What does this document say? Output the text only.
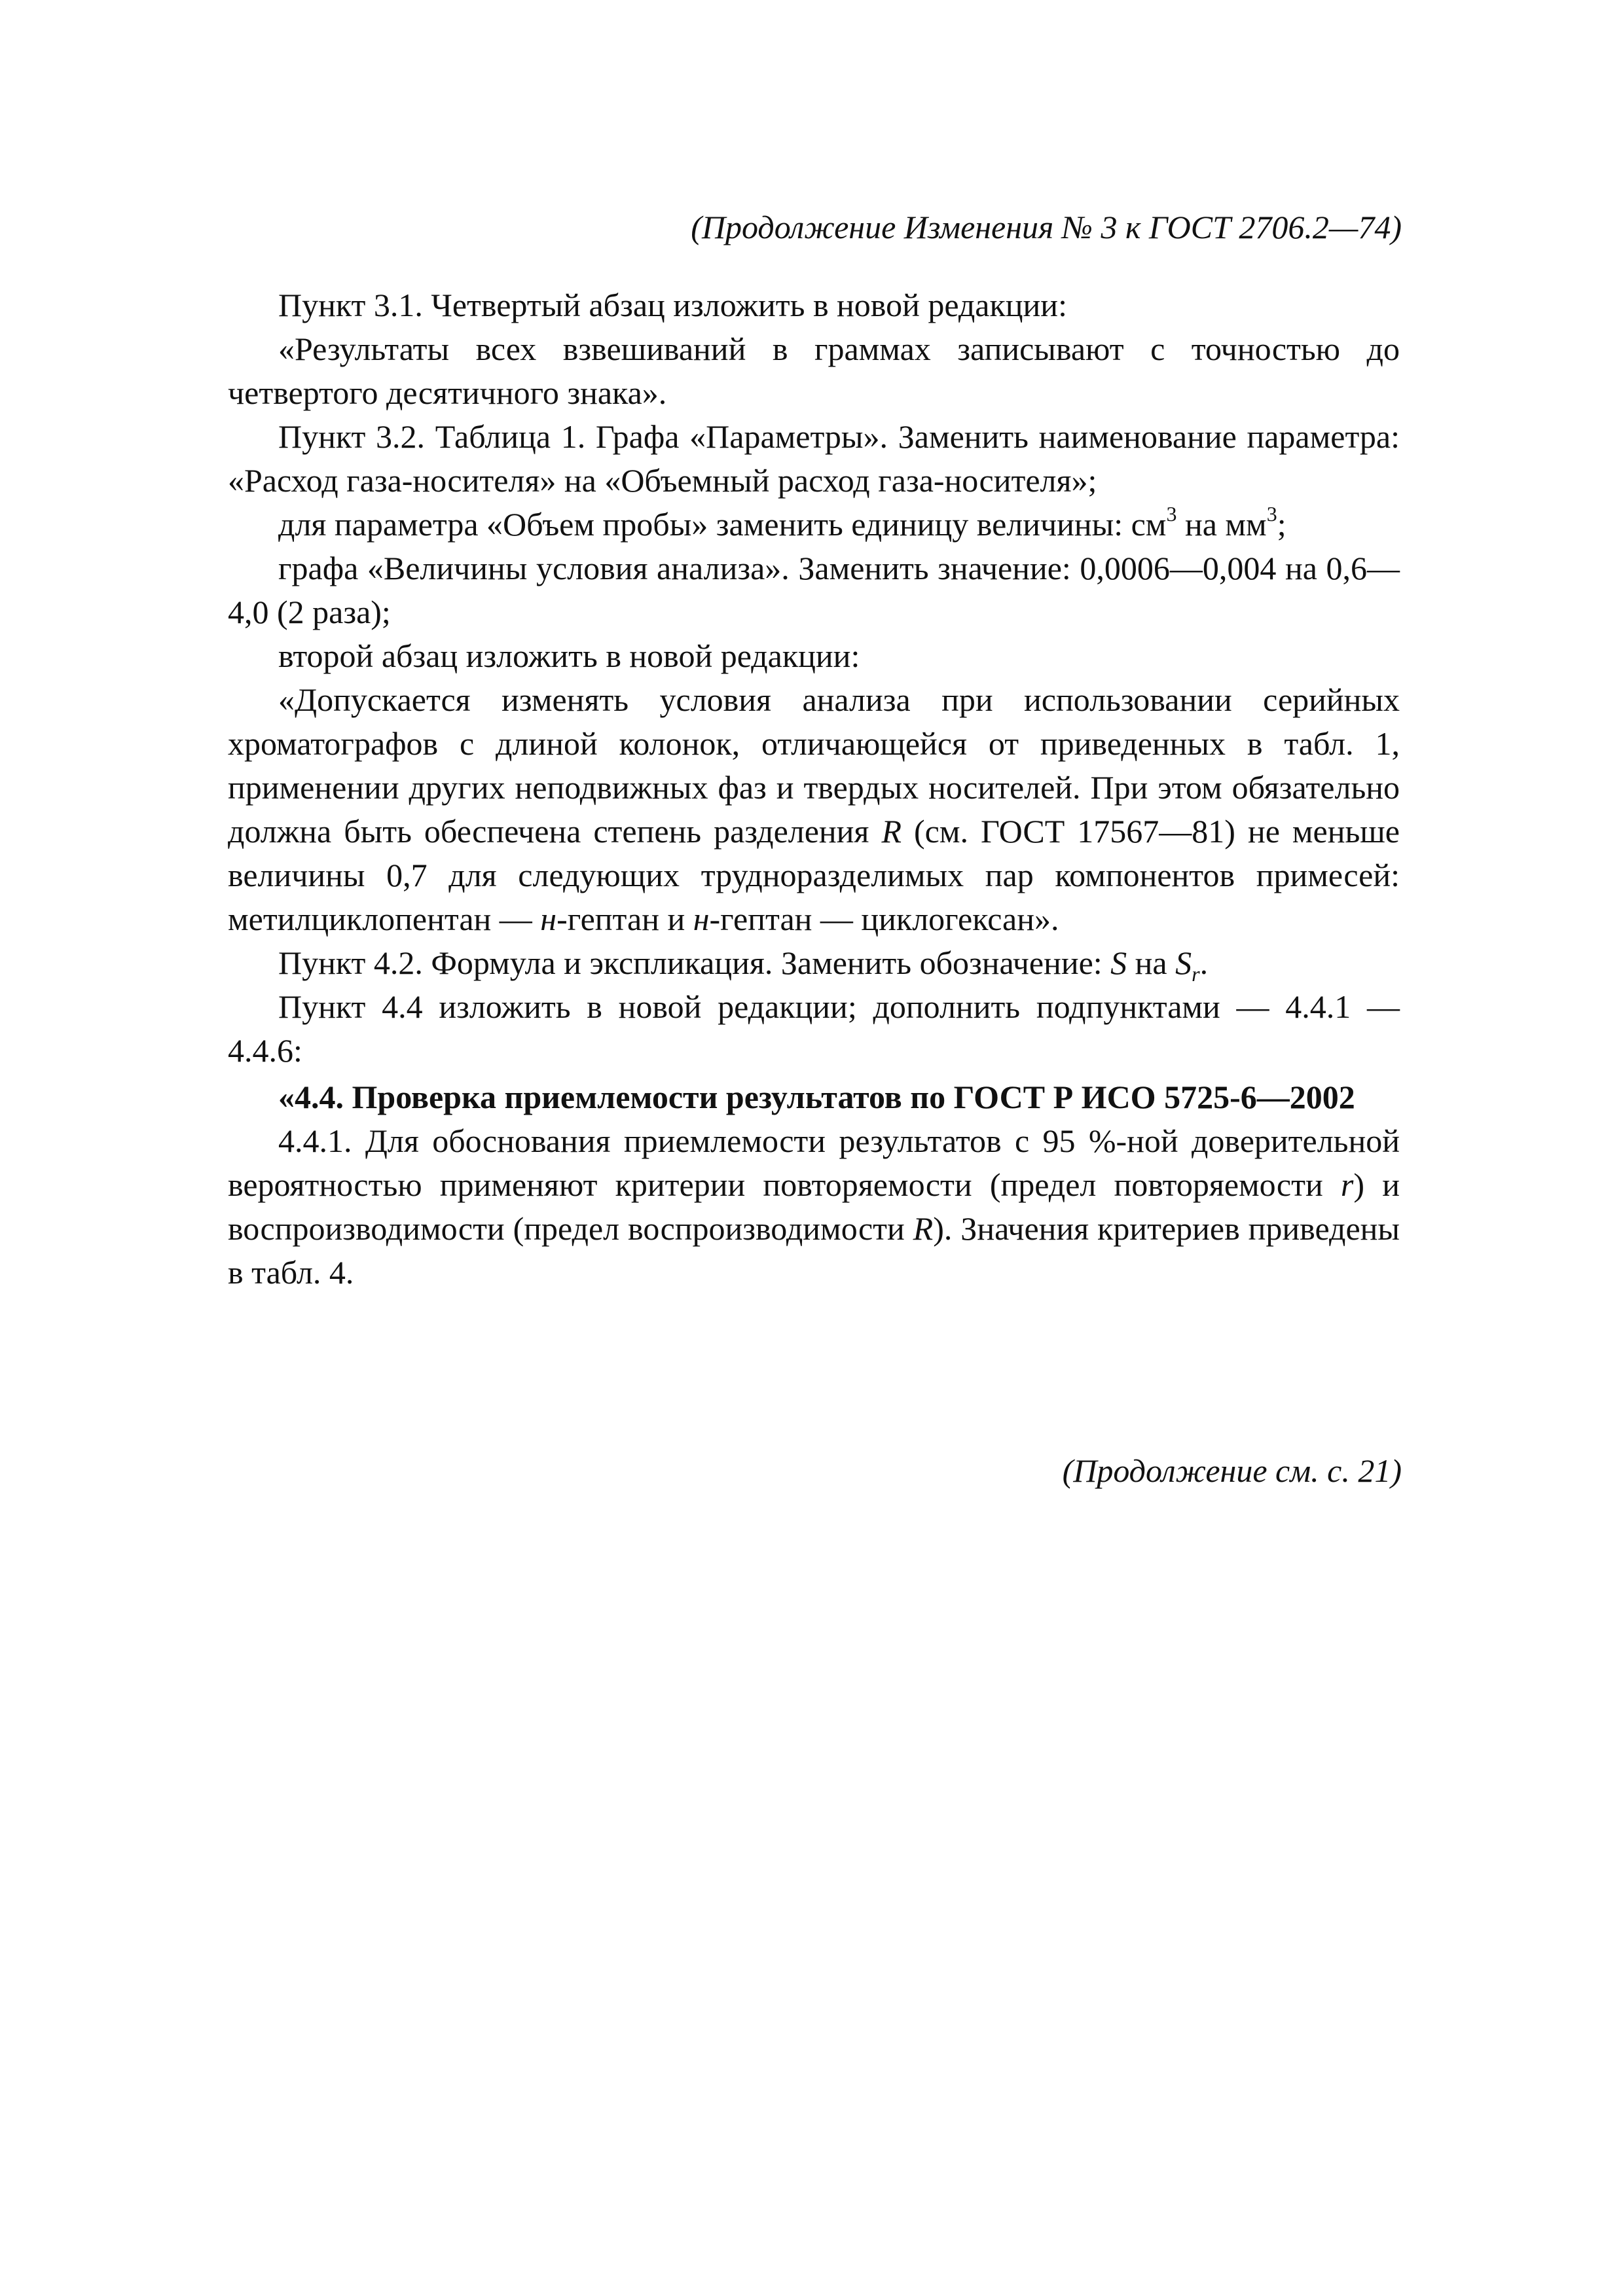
(Продолжение Изменения № 3 к ГОСТ 2706.2—74)

Пункт 3.1. Четвертый абзац изложить в новой редакции:

«Результаты всех взвешиваний в граммах записывают с точностью до четвертого десятичного знака».

Пункт 3.2. Таблица 1. Графа «Параметры». Заменить наименование параметра: «Расход газа-носителя» на «Объемный расход газа-носителя»;

для параметра «Объем пробы» заменить единицу величины: $см^3$ на $мм^3$;

графа «Величины условия анализа». Заменить значение: 0,0006—0,004 на 0,6—4,0 (2 раза);

второй абзац изложить в новой редакции:

«Допускается изменять условия анализа при использовании серийных хроматографов с длиной колонок, отличающейся от приведенных в табл. 1, применении других неподвижных фаз и твердых носителей. При этом обязательно должна быть обеспечена степень разделения R (см. ГОСТ 17567—81) не меньше величины 0,7 для следующих трудноразделимых пар компонентов примесей: метилциклопентан — н-гептан и н-гептан — циклогексан».

Пункт 4.2. Формула и экспликация. Заменить обозначение: S на $S_r$.

Пункт 4.4 изложить в новой редакции; дополнить подпунктами — 4.4.1 — 4.4.6:

«4.4. Проверка приемлемости результатов по ГОСТ Р ИСО 5725-6—2002

4.4.1. Для обоснования приемлемости результатов с 95 %-ной доверительной вероятностью применяют критерии повторяемости (предел повторяемости r) и воспроизводимости (предел воспроизводимости R). Значения критериев приведены в табл. 4.

(Продолжение см. с. 21)
